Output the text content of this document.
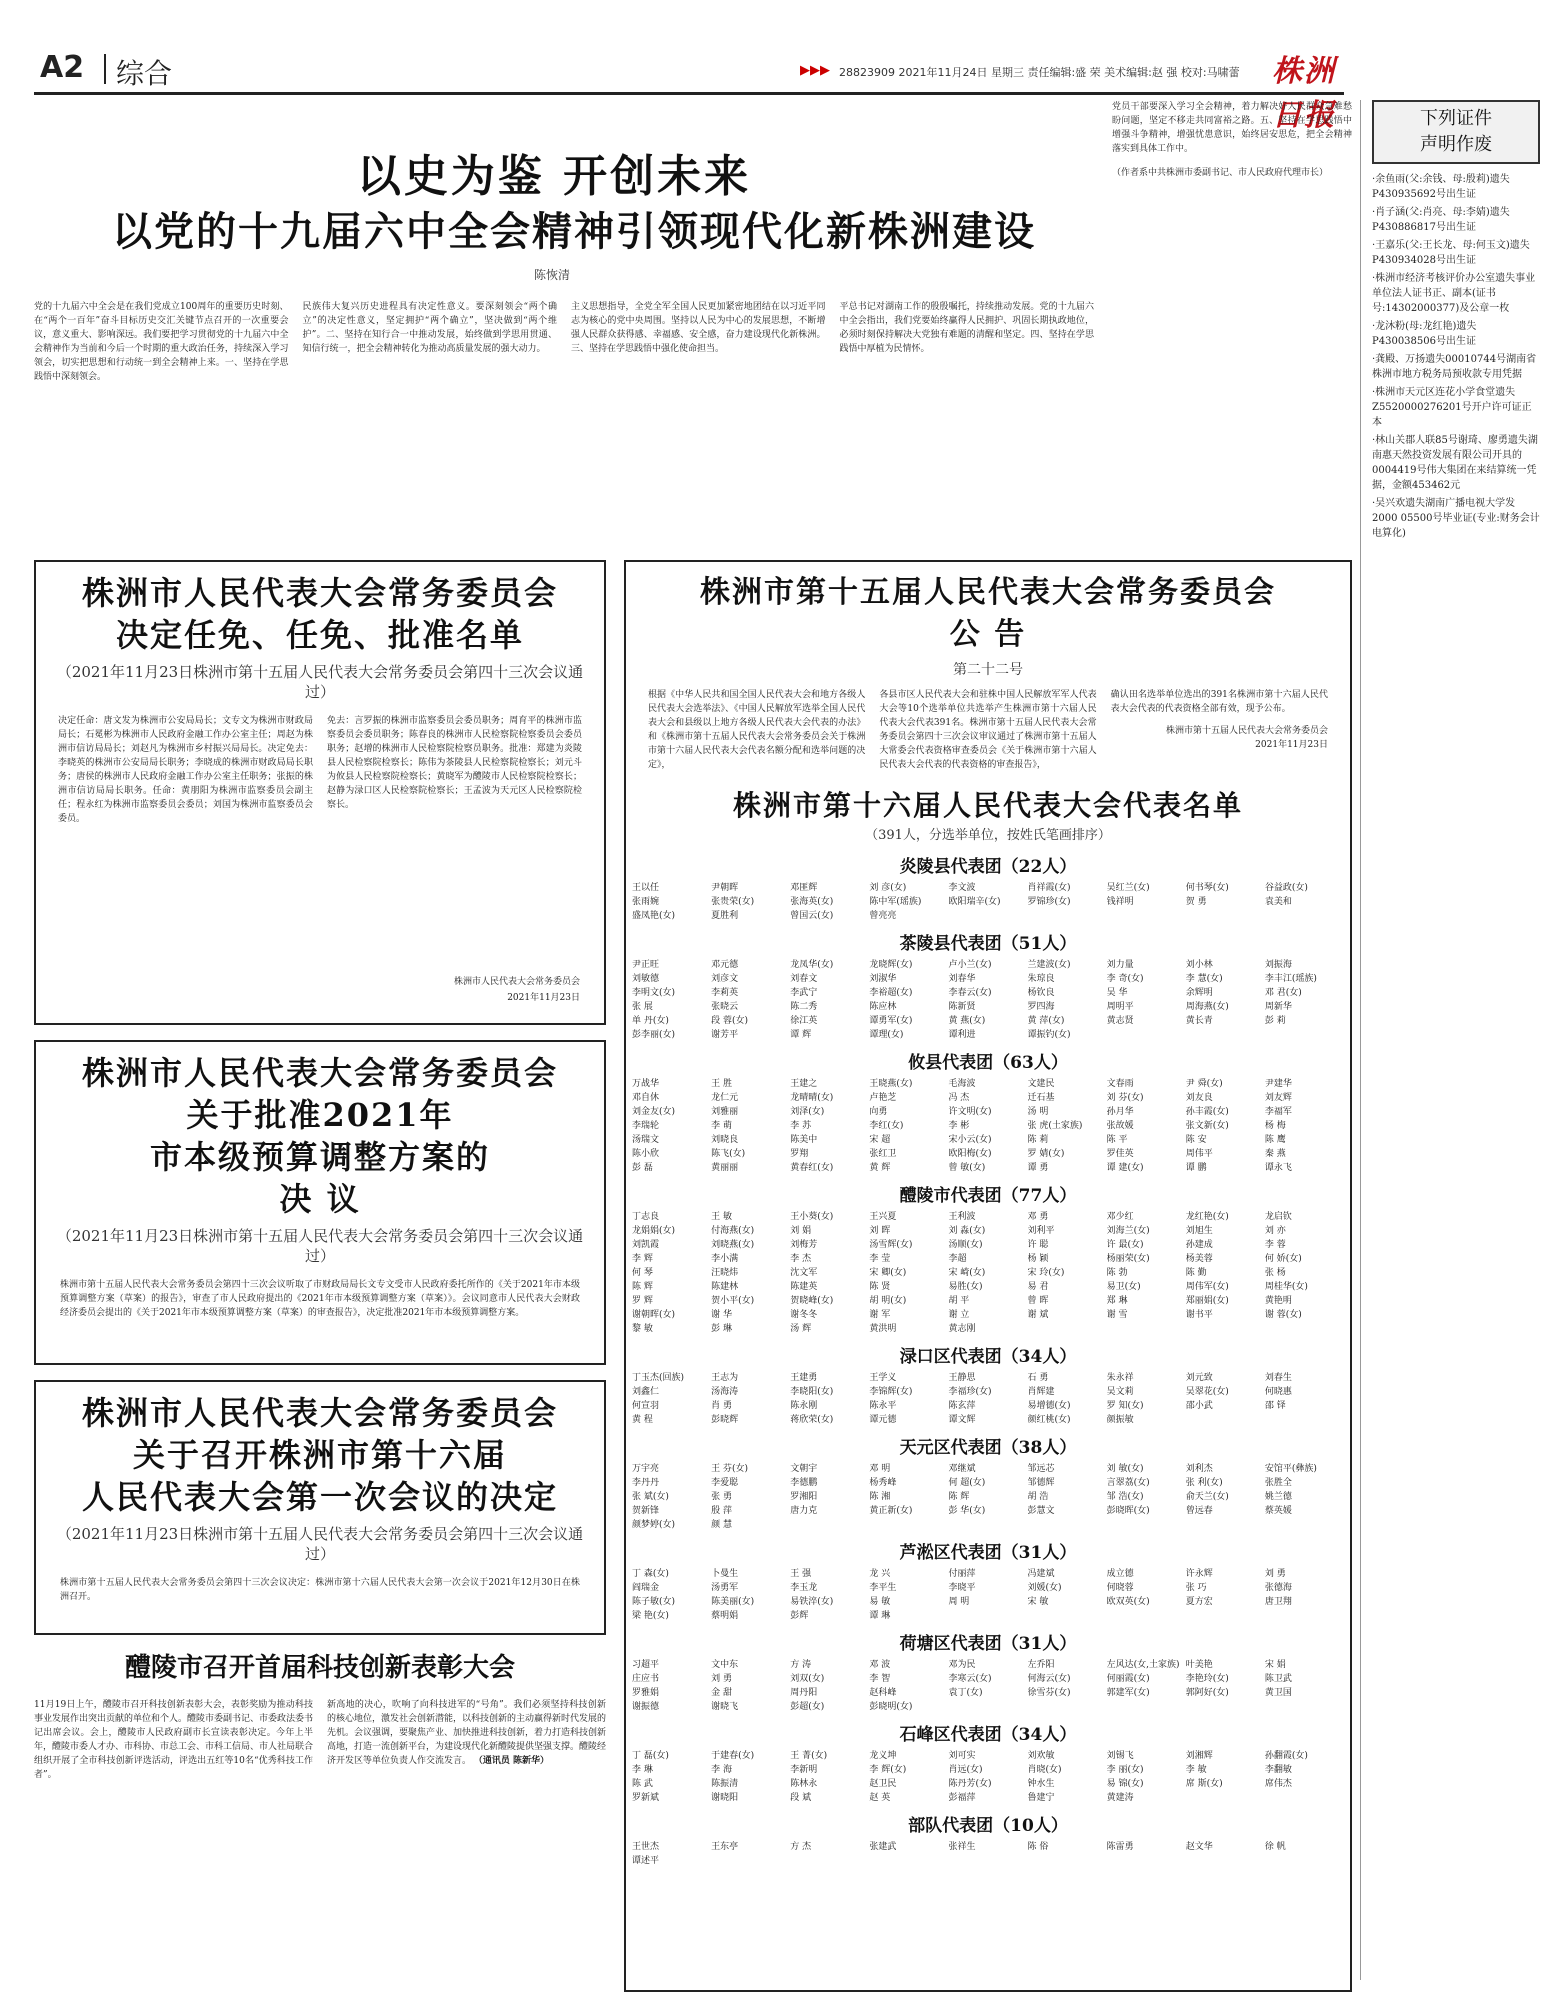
A2 综合	▶▶▶ 28823909 2021年11月24日 星期三 责任编辑:盛 荣 美术编辑:赵 强 校对:马啸蕾 株洲日报	下列证件
声明作废
·余鱼雨(父:余钱、母:殷莉)遗失P430935692号出生证
·肖子涵(父:肖亮、母:李婧)遗失P430886817号出生证
·王嘉乐(父:王长龙、母:何玉文)遗失P430934028号出生证
·株洲市经济考核评价办公室遗失事业单位法人证书正、副本(证书号:14302000377)及公章一枚
·龙沐粉(母:龙红艳)遗失P430038506号出生证
·龚殿、万扬遗失00010744号湖南省株洲市地方税务局预收款专用凭据
·株洲市天元区连花小学食堂遗失Z5520000276201号开户许可证正本
·林山关郡人联85号谢琦、廖勇遗失湖南惠天然投资发展有限公司开具的0004419号伟大集团在来结算统一凭据，金额453462元
·吴兴欢遗失湖南广播电视大学发2000 05500号毕业证(专业:财务会计电算化)
以史为鉴 开创未来
以党的十九届六中全会精神引领现代化新株洲建设
陈恢清
党员干部要深入学习全会精神，着力解决好人民群众急难愁盼问题，坚定不移走共同富裕之路。五、坚持在学思践悟中增强斗争精神，增强忧患意识，始终居安思危，把全会精神落实到具体工作中。
（作者系中共株洲市委副书记、市人民政府代理市长）
党的十九届六中全会是在我们党成立100周年的重要历史时刻、在“两个一百年”奋斗目标历史交汇关键节点召开的一次重要会议，意义重大、影响深远。我们要把学习贯彻党的十九届六中全会精神作为当前和今后一个时期的重大政治任务，持续深入学习领会，切实把思想和行动统一到全会精神上来。一、坚持在学思践悟中深刻领会。
民族伟大复兴历史进程具有决定性意义。要深刻领会“两个确立”的决定性意义，坚定拥护“两个确立”，坚决做到“两个维护”。二、坚持在知行合一中推动发展，始终做到学思用贯通、知信行统一，把全会精神转化为推动高质量发展的强大动力。
主义思想指导，全党全军全国人民更加紧密地团结在以习近平同志为核心的党中央周围。坚持以人民为中心的发展思想，不断增强人民群众获得感、幸福感、安全感，奋力建设现代化新株洲。三、坚持在学思践悟中强化使命担当。
平总书记对湖南工作的殷殷嘱托，持续推动发展。党的十九届六中全会指出，我们党要始终赢得人民拥护、巩固长期执政地位，必须时刻保持解决大党独有难题的清醒和坚定。四、坚持在学思践悟中厚植为民情怀。
株洲市人民代表大会常务委员会
决定任免、任免、批准名单
（2021年11月23日株洲市第十五届人民代表大会常务委员会第四十三次会议通过）
决定任命：唐文发为株洲市公安局局长；文专文为株洲市财政局局长；石冕彬为株洲市人民政府金融工作办公室主任；周赵为株洲市信访局局长；刘赵凡为株洲市乡村振兴局局长。决定免去：李晓英的株洲市公安局局长职务；李晓成的株洲市财政局局长职务；唐侯的株洲市人民政府金融工作办公室主任职务；张振的株洲市信访局局长职务。任命：黄朋阳为株洲市监察委员会副主任；程永红为株洲市监察委员会委员；刘国为株洲市监察委员会委员。
免去：言罗振的株洲市监察委员会委员职务；周育平的株洲市监察委员会委员职务；陈春良的株洲市人民检察院检察委员会委员职务；赵增的株洲市人民检察院检察员职务。批准：郑建为炎陵县人民检察院检察长；陈伟为茶陵县人民检察院检察长；刘元斗为攸县人民检察院检察长；黄晓军为醴陵市人民检察院检察长；赵静为渌口区人民检察院检察长；王孟波为天元区人民检察院检察长。
株洲市人民代表大会常务委员会
2021年11月23日
株洲市人民代表大会常务委员会
关于批准2021年
市本级预算调整方案的
决 议
（2021年11月23日株洲市第十五届人民代表大会常务委员会第四十三次会议通过）
株洲市第十五届人民代表大会常务委员会第四十三次会议听取了市财政局局长文专文受市人民政府委托所作的《关于2021年市本级预算调整方案（草案）的报告》，审查了市人民政府提出的《2021年市本级预算调整方案（草案）》。会议同意市人民代表大会财政经济委员会提出的《关于2021年市本级预算调整方案（草案）的审查报告》，决定批准2021年市本级预算调整方案。
株洲市人民代表大会常务委员会
关于召开株洲市第十六届
人民代表大会第一次会议的决定
（2021年11月23日株洲市第十五届人民代表大会常务委员会第四十三次会议通过）
株洲市第十五届人民代表大会常务委员会第四十三次会议决定：株洲市第十六届人民代表大会第一次会议于2021年12月30日在株洲召开。
醴陵市召开首届科技创新表彰大会
11月19日上午，醴陵市召开科技创新表彰大会，表彰奖励为推动科技事业发展作出突出贡献的单位和个人。醴陵市委副书记、市委政法委书记出席会议。会上，醴陵市人民政府副市长宣读表彰决定。今年上半年，醴陵市委人才办、市科协、市总工会、市科工信局、市人社局联合组织开展了全市科技创新评选活动，评选出五红等10名“优秀科技工作者”。
新高地的决心，吹响了向科技进军的“号角”。我们必须坚持科技创新的核心地位，激发社会创新潜能，以科技创新的主动赢得新时代发展的先机。会议强调，要聚焦产业、加快推进科技创新，着力打造科技创新高地，打造一流创新平台，为建设现代化新醴陵提供坚强支撑。醴陵经济开发区等单位负责人作交流发言。 （通讯员 陈新华）
株洲市第十五届人民代表大会常务委员会
公 告
第二十二号
根据《中华人民共和国全国人民代表大会和地方各级人民代表大会选举法》、《中国人民解放军选举全国人民代表大会和县级以上地方各级人民代表大会代表的办法》和《株洲市第十五届人民代表大会常务委员会关于株洲市第十六届人民代表大会代表名额分配和选举问题的决定》，
各县市区人民代表大会和驻株中国人民解放军军人代表大会等10个选举单位共选举产生株洲市第十六届人民代表大会代表391名。株洲市第十五届人民代表大会常务委员会第四十三次会议审议通过了株洲市第十五届人大常委会代表资格审查委员会《关于株洲市第十六届人民代表大会代表的代表资格的审查报告》，
确认田名选举单位选出的391名株洲市第十六届人民代表大会代表的代表资格全部有效，现予公布。
株洲市第十五届人民代表大会常务委员会
2021年11月23日
株洲市第十六届人民代表大会代表名单
（391人，分选举单位，按姓氏笔画排序）
炎陵县代表团（22人）
王以任	尹朝晖	邓匪辉	刘 彦(女)	李文波	肖祥霞(女)	吴红兰(女)	何书琴(女)	谷益政(女)
张雨婉	张贵荣(女)	张海英(女)	陈中军(瑶族)	欧阳瑞辛(女)	罗锦珍(女)	钱祥明	贺 勇	袁美和
盛凤艳(女)	夏胜利	曾国云(女)	曾亮亮
茶陵县代表团（51人）
尹正旺	邓元德	龙凤华(女)	龙晓辉(女)	卢小兰(女)	兰建波(女)	刘力量	刘小林	刘振海
刘敏德	刘彦文	刘春文	刘淑华	刘春华	朱琼良	李 奇(女)	李 慧(女)	李丰江(瑶族)
李明文(女)	李莉英	李武宁	李裕超(女)	李春云(女)	杨钦良	吴 华	余辉明	邓 君(女)
张 展	张晓云	陈二秀	陈应林	陈新贤	罗四海	周明平	周海燕(女)	周新华
单 丹(女)	段 蓉(女)	徐江英	谭勇军(女)	黄 燕(女)	黄 萍(女)	黄志贤	黄长青	彭 莉
彭李丽(女)	谢芳平	谭 辉	谭理(女)	谭利进	谭振钓(女)
攸县代表团（63人）
万战华	王 胜	王建之	王晓燕(女)	毛海波	文建民	文春雨	尹 舜(女)	尹建华
邓自休	龙仁元	龙晴晴(女)	卢艳芝	冯 杰	迁石基	刘 芬(女)	刘友良	刘友辉
刘金友(女)	刘雅丽	刘泽(女)	向勇	许文明(女)	汤 明	孙月华	孙丰霞(女)	李福军
李瑞轮	李 萌	李 苏	李红(女)	李 彬	张 虎(土家族)	张故媛	张文新(女)	杨 梅
汤瑞文	刘晓良	陈美中	宋 超	宋小云(女)	陈 莉	陈 平	陈 安	陈 鹰
陈小欣	陈飞(女)	罗翔	张红卫	欧阳梅(女)	罗 婧(女)	罗佳英	周伟平	秦 燕
彭 磊	黄丽丽	黄春红(女)	黄 辉	曾 敏(女)	谭 勇	谭 建(女)	谭 鹏	谭永飞
醴陵市代表团（77人）
丁志良	王 敏	王小葵(女)	王兴夏	王利波	邓 勇	邓少红	龙红艳(女)	龙启钦
龙娟娟(女)	付海燕(女)	刘 娟	刘 晖	刘 淼(女)	刘利平	刘海兰(女)	刘旭生	刘 亦
刘凯霞	刘晓燕(女)	刘梅芳	汤雪辉(女)	汤顺(女)	许 聪	许 最(女)	孙建成	李 蓉
李 辉	李小满	李 杰	李 莹	李超	杨 颖	杨丽荣(女)	杨美蓉	何 娇(女)
何 琴	汪晓炜	沈文军	宋 卿(女)	宋 崎(女)	宋 玲(女)	陈 勃	陈 勤	张 杨
陈 辉	陈建林	陈建英	陈 贤	易胜(女)	易 君	易卫(女)	周伟军(女)	周桂华(女)
罗 辉	贺小平(女)	贺晓峰(女)	胡 明(女)	胡 平	曾 晖	郑 琳	郑丽娟(女)	黄艳明
谢朝晖(女)	谢 华	谢冬冬	谢 军	谢 立	谢 斌	谢 雪	谢书平	谢 蓉(女)
黎 敏	彭 琳	汤 辉	黄洪明	黄志刚
渌口区代表团（34人）
丁玉杰(回族)	王志为	王建勇	王学义	王静思	石 勇	朱永祥	刘元致	刘春生
刘鑫仁	汤海涛	李晓阳(女)	李锦辉(女)	李福珍(女)	肖辉建	吴文莉	吴翠花(女)	何晓惠
何宣羽	肖 勇	陈永刚	陈永平	陈玄萍	易增德(女)	罗 知(女)	邵小武	邵 铎
黄 程	彭晓辉	蒋欣荣(女)	谭元德	谭文辉	颜红桃(女)	颜振敏
天元区代表团（38人）
万宇亮	王 芬(女)	文朝宇	邓 明	邓继斌	邹远芯	刘 敏(女)	刘利杰	安馆平(彝族)
李丹丹	李爱聪	李德鹏	杨秀峰	何 超(女)	邹德辉	言翠荔(女)	张 利(女)	张胜全
张 斌(女)	张 勇	罗湘阳	陈 湘	陈 辉	胡 浩	邹 浩(女)	俞天兰(女)	姚兰德
贺新锋	殷 萍	唐力克	黄正新(女)	彭 华(女)	彭慧文	彭晓晖(女)	曾远春	蔡英媛
颜梦婷(女)	颜 慧
芦淞区代表团（31人）
丁 森(女)	卜曼生	王 强	龙 兴	付丽萍	冯建斌	成立德	许永辉	刘 勇
阎瑞金	汤勇军	李玉龙	李平生	李晓平	刘媛(女)	何晓蓉	张 巧	张德海
陈子敏(女)	陈美丽(女)	易铁淬(女)	易 敏	周 明	宋 敏	欧双英(女)	夏方宏	唐卫翔
梁 艳(女)	蔡明娟	彭辉	谭 琳
荷塘区代表团（31人）
习超平	文中东	方 涛	邓 波	邓为民	左乔阳	左风达(女,土家族) 叶美艳	宋 娟
庄应书	刘 勇	刘双(女)	李 智	李寒云(女)	何海云(女)	何丽霞(女)	李艳玲(女)	陈卫武
罗雅娟	金 甜	周丹阳	赵科峰	袁丁(女)	徐雪芬(女)	郭建军(女)	郭阿好(女)	黄卫国
谢振德	谢晓飞	彭超(女)	彭晓明(女)
石峰区代表团（34人）
丁 磊(女)	于建春(女)	王 菁(女)	龙义坤	刘可实	刘欢敏	刘锡飞	刘湘辉	孙翻霞(女)
李 琳	李 海	李新明	李 辉(女)	肖远(女)	肖晓(女)	李 丽(女)	李 敏	李翻敏
陈 武	陈振清	陈林永	赵卫民	陈丹芳(女)	钟水生	易 锦(女)	席 斯(女)	席伟杰
罗新斌	谢晓阳	段 斌	赵 英	彭福萍	鲁建宁	黄建涛
部队代表团（10人）
王世杰	王东亭	方 杰	张建武	张祥生	陈 俗	陈雷勇	赵文华	徐 帆
谭述平
